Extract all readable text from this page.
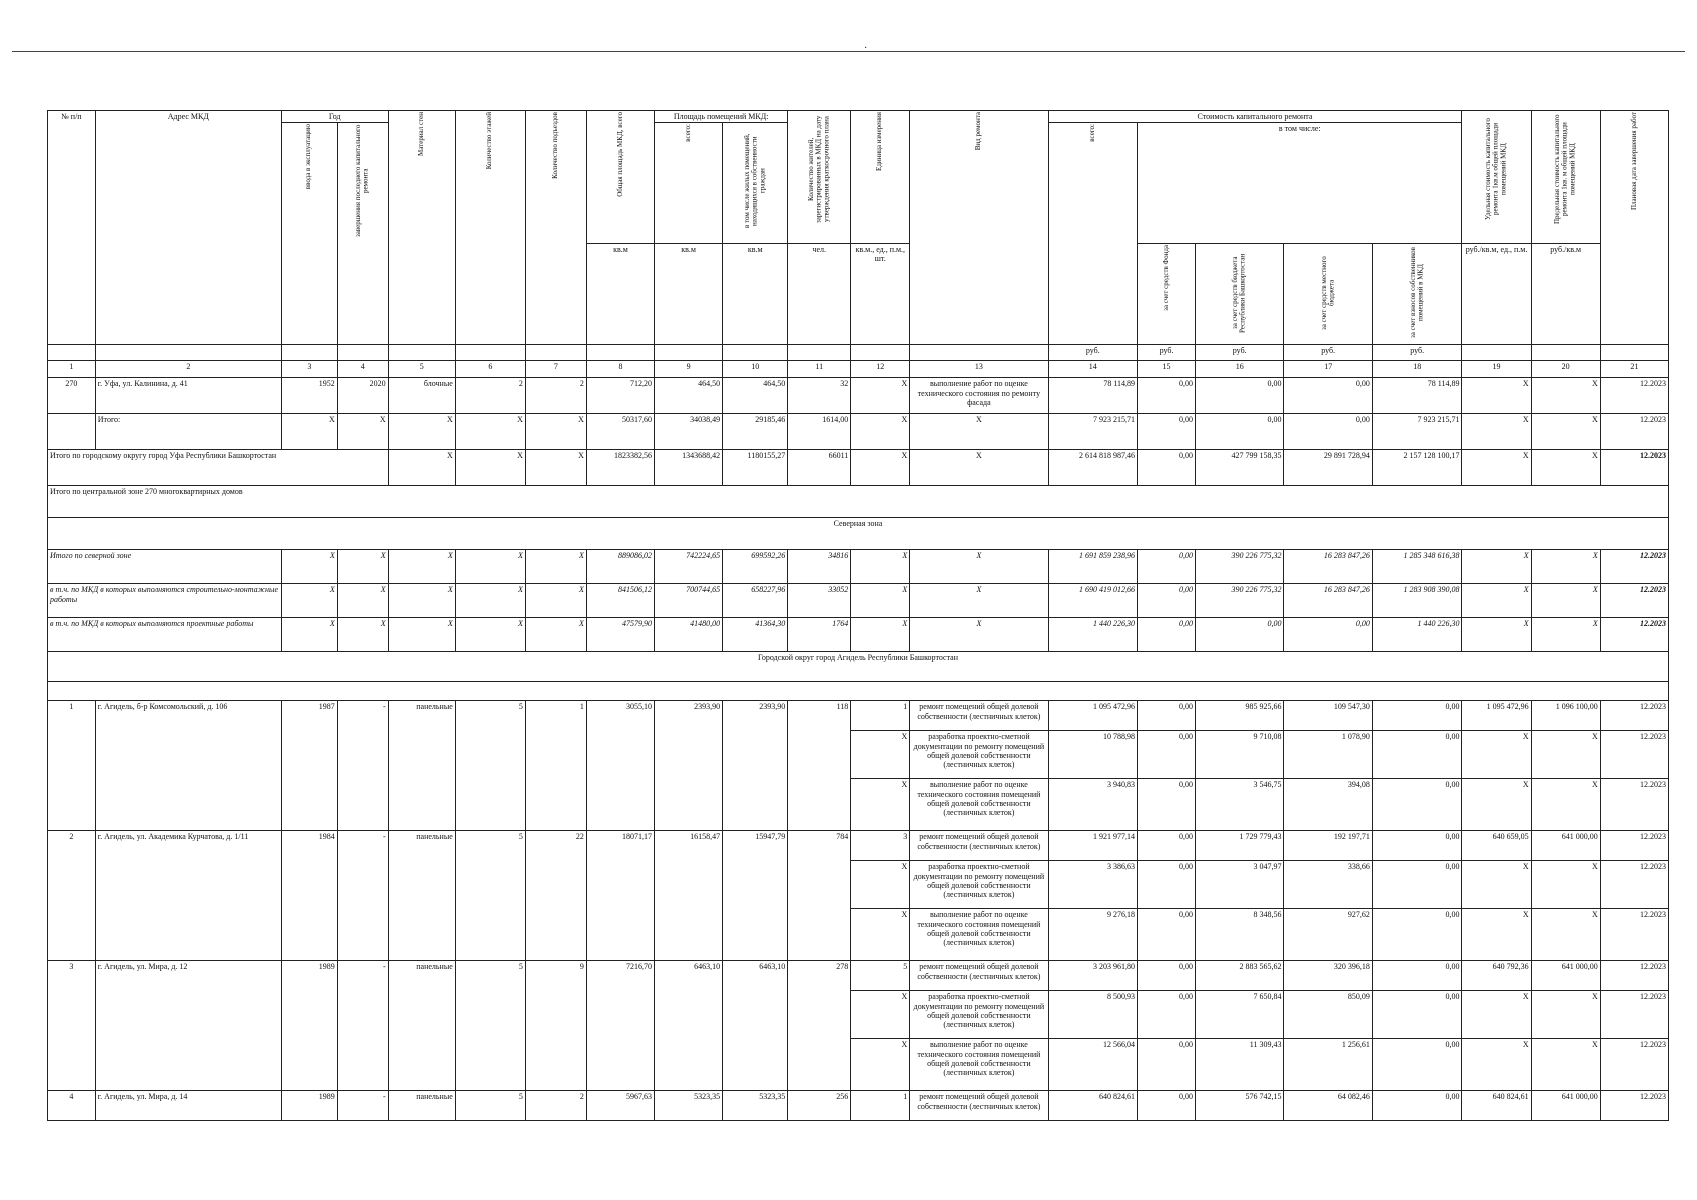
·
№ п/п	Адрес МКД	Год		Материал стен	Количество этажей	Количество подъездов	Общая площадь МКД, всего	Площадь помещений МКД:		Количество жителей, зарегистрированных в МКД на дату утверждения краткосрочного плана	Единица измерения	Вид ремонта	Стоимость капитального ремонта					Удельная стоимость капитального ремонта 1кв.м общей площади помещений МКД	Предельная стоимость капитального ремонта 1кв. м общей площади помещений МКД	Плановая дата завершения работ
		ввода в эксплуатацию	завершения последнего капитального ремонта					всего:	в том числе жилых помещений, находящихся в собственности граждан				всего:	в том числе:						
							кв.м	кв.м	кв.м	чел.	кв.м., ед., п.м., шт.			за счет средств Фонда	за счет средств бюджета Республики Башкортостан	за счет средств местного бюджета	за счет взносов собственников помещений в МКД	руб./кв.м, ед., п.м.	руб./кв.м	
													руб.	руб.	руб.	руб.	руб.			
1	2	3	4	5	6	7	8	9	10	11	12	13	14	15	16	17	18	19	20	21
270	г. Уфа, ул. Калинина, д. 41	1952	2020	блочные	2	2	712,20	464,50	464,50	32	X	выполнение работ по оценке технического состояния по ремонту фасада	78 114,89	0,00	0,00	0,00	78 114,89	X	X	12.2023
	Итого:	X	X	X	X	X	50317,60	34038,49	29185,46	1614,00	X	X	7 923 215,71	0,00	0,00	0,00	7 923 215,71	X	X	12.2023
Итого по городскому округу город Уфа Республики Башкортостан				X	X	X	1823382,56	1343688,42	1180155,27	66011	X	X	2 614 818 987,46	0,00	427 799 158,35	29 891 728,94	2 157 128 100,17	X	X	12.2023
Итого по центральной зоне 270 многоквартирных домов																				
Северная зона																				
Итого по северной зоне		X	X	X	X	X	889086,02	742224,65	699592,26	34816	X	X	1 691 859 238,96	0,00	390 226 775,32	16 283 847,26	1 285 348 616,38	X	X	12.2023
в т.ч. по МКД в которых выполняются строительно-монтажные работы		X	X	X	X	X	841506,12	700744,65	658227,96	33052	X	X	1 690 419 012,66	0,00	390 226 775,32	16 283 847,26	1 283 908 390,08	X	X	12.2023
в т.ч. по МКД в которых выполняются проектные работы		X	X	X	X	X	47579,90	41480,00	41364,30	1764	X	X	1 440 226,30	0,00	0,00	0,00	1 440 226,30	X	X	12.2023
Городской округ город Агидель Республики Башкортостан																				

1	г. Агидель, б-р Комсомольский, д. 106	1987	-	панельные	5	1	3055,10	2393,90	2393,90	118	1	ремонт помещений общей долевой собственности (лестничных клеток)	1 095 472,96	0,00	985 925,66	109 547,30	0,00	1 095 472,96	1 096 100,00	12.2023
											X	разработка проектно-сметной документации по ремонту помещений общей долевой собственности (лестничных клеток)	10 788,98	0,00	9 710,08	1 078,90	0,00	X	X	12.2023
											X	выполнение работ по оценке технического состояния помещений общей долевой собственности (лестничных клеток)	3 940,83	0,00	3 546,75	394,08	0,00	X	X	12.2023
2	г. Агидель, ул. Академика Курчатова, д. 1/11	1984	-	панельные	5	22	18071,17	16158,47	15947,79	784	3	ремонт помещений общей долевой собственности (лестничных клеток)	1 921 977,14	0,00	1 729 779,43	192 197,71	0,00	640 659,05	641 000,00	12.2023
											X	разработка проектно-сметной документации по ремонту помещений общей долевой собственности (лестничных клеток)	3 386,63	0,00	3 047,97	338,66	0,00	X	X	12.2023
											X	выполнение работ по оценке технического состояния помещений общей долевой собственности (лестничных клеток)	9 276,18	0,00	8 348,56	927,62	0,00	X	X	12.2023
3	г. Агидель, ул. Мира, д. 12	1989	-	панельные	5	9	7216,70	6463,10	6463,10	278	5	ремонт помещений общей долевой собственности (лестничных клеток)	3 203 961,80	0,00	2 883 565,62	320 396,18	0,00	640 792,36	641 000,00	12.2023
											X	разработка проектно-сметной документации по ремонту помещений общей долевой собственности (лестничных клеток)	8 500,93	0,00	7 650,84	850,09	0,00	X	X	12.2023
											X	выполнение работ по оценке технического состояния помещений общей долевой собственности (лестничных клеток)	12 566,04	0,00	11 309,43	1 256,61	0,00	X	X	12.2023
4	г. Агидель, ул. Мира, д. 14	1989	-	панельные	5	2	5967,63	5323,35	5323,35	256	1	ремонт помещений общей долевой собственности (лестничных клеток)	640 824,61	0,00	576 742,15	64 082,46	0,00	640 824,61	641 000,00	12.2023
